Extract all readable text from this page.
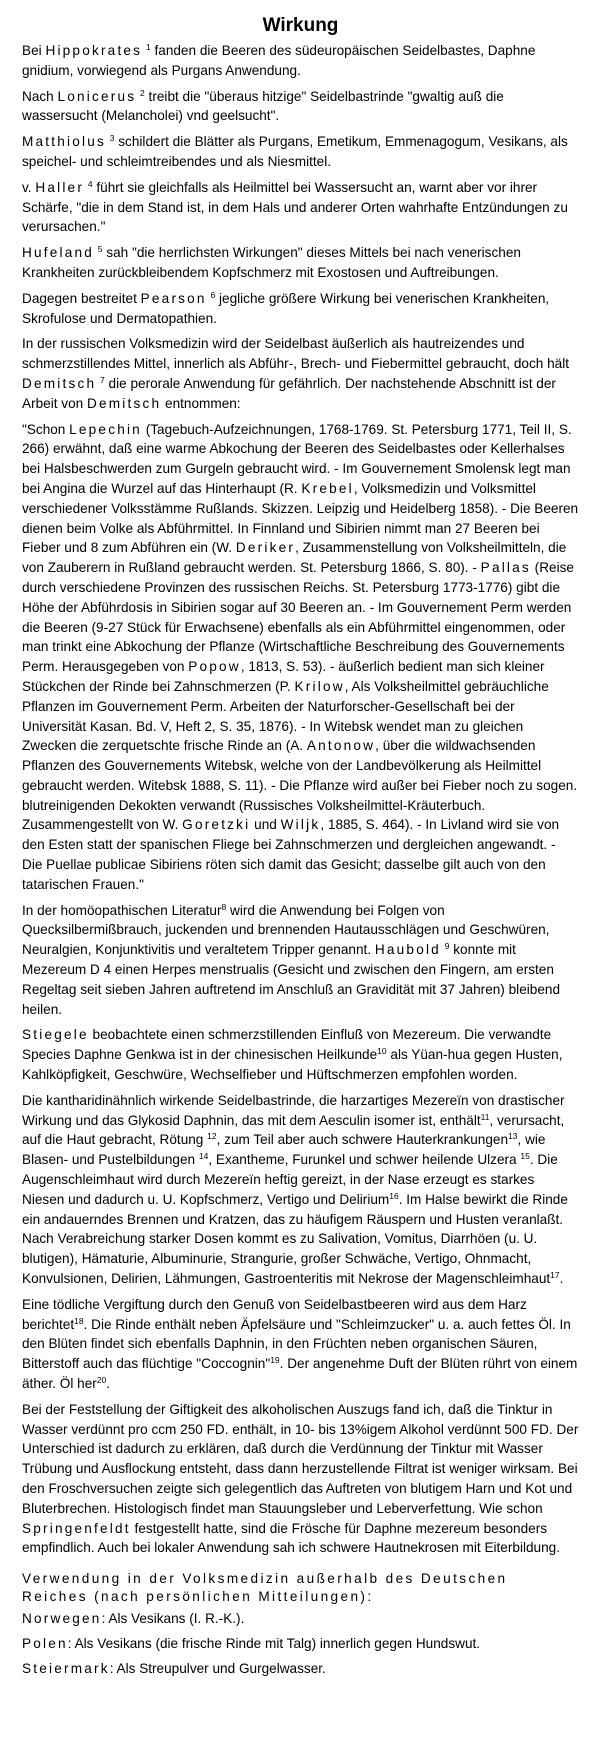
Wirkung

Bei Hippokrates $^1$ fanden die Beeren des südeuropäischen Seidelbastes, Daphne gnidium, vorwiegend als Purgans Anwendung.

Nach Lonicerus $^2$ treibt die "überaus hitzige" Seidelbastrinde "gwaltig auß die wassersucht (Melancholei) vnd geelsucht".

Matthiolus $^3$ schildert die Blätter als Purgans, Emetikum, Emmenagogum, Vesikans, als speichel- und schleimtreibendes und als Niesmittel.

v. Haller $^4$ führt sie gleichfalls als Heilmittel bei Wassersucht an, warnt aber vor ihrer Schärfe, "die in dem Stand ist, in dem Hals und anderer Orten wahrhafte Entzündungen zu verursachen."

Hufeland $^5$ sah "die herrlichsten Wirkungen" dieses Mittels bei nach venerischen Krankheiten zurückbleibendem Kopfschmerz mit Exostosen und Auftreibungen.

Dagegen bestreitet Pearson $^6$ jegliche größere Wirkung bei venerischen Krankheiten, Skrofulose und Dermatopathien.

In der russischen Volksmedizin wird der Seidelbast äußerlich als hautreizendes und schmerzstillendes Mittel, innerlich als Abführ-, Brech- und Fiebermittel gebraucht, doch hält Demitsch $^7$ die perorale Anwendung für gefährlich. Der nachstehende Abschnitt ist der Arbeit von Demitsch entnommen:

"Schon Lepechin (Tagebuch-Aufzeichnungen, 1768-1769. St. Petersburg 1771, Teil II, S. 266) erwähnt, daß eine warme Abkochung der Beeren des Seidelbastes oder Kellerhalses bei Halsbeschwerden zum Gurgeln gebraucht wird. - Im Gouvernement Smolensk legt man bei Angina die Wurzel auf das Hinterhaupt (R. Krebel, Volksmedizin und Volksmittel verschiedener Volksstämme Rußlands. Skizzen. Leipzig und Heidelberg 1858). - Die Beeren dienen beim Volke als Abführmittel. In Finnland und Sibirien nimmt man 27 Beeren bei Fieber und 8 zum Abführen ein (W. Deriker, Zusammenstellung von Volksheilmitteln, die von Zauberern in Rußland gebraucht werden. St. Petersburg 1866, S. 80). - Pallas (Reise durch verschiedene Provinzen des russischen Reichs. St. Petersburg 1773-1776) gibt die Höhe der Abführdosis in Sibirien sogar auf 30 Beeren an. - Im Gouvernement Perm werden die Beeren (9-27 Stück für Erwachsene) ebenfalls als ein Abführmittel eingenommen, oder man trinkt eine Abkochung der Pflanze (Wirtschaftliche Beschreibung des Gouvernements Perm. Herausgegeben von Popow, 1813, S. 53). - äußerlich bedient man sich kleiner Stückchen der Rinde bei Zahnschmerzen (P. Krilow, Als Volksheilmittel gebräuchliche Pflanzen im Gouvernement Perm. Arbeiten der Naturforscher-Gesellschaft bei der Universität Kasan. Bd. V, Heft 2, S. 35, 1876). - In Witebsk wendet man zu gleichen Zwecken die zerquetschte frische Rinde an (A. Antonow, über die wildwachsenden Pflanzen des Gouvernements Witebsk, welche von der Landbevölkerung als Heilmittel gebraucht werden. Witebsk 1888, S. 11). - Die Pflanze wird außer bei Fieber noch zu sogen. blutreinigenden Dekokten verwandt (Russisches Volksheilmittel-Kräuterbuch. Zusammengestellt von W. Goretzki und Wiljk, 1885, S. 464). - In Livland wird sie von den Esten statt der spanischen Fliege bei Zahnschmerzen und dergleichen angewandt. - Die Puellae publicae Sibiriens röten sich damit das Gesicht; dasselbe gilt auch von den tatarischen Frauen."

In der homöopathischen Literatur$^8$ wird die Anwendung bei Folgen von Quecksilbermißbrauch, juckenden und brennenden Hautausschlägen und Geschwüren, Neuralgien, Konjunktivitis und veraltetem Tripper genannt. Haubold $^9$ konnte mit Mezereum D 4 einen Herpes menstrualis (Gesicht und zwischen den Fingern, am ersten Regeltag seit sieben Jahren auftretend im Anschluß an Gravidität mit 37 Jahren) bleibend heilen.

Stiegele beobachtete einen schmerzstillenden Einfluß von Mezereum. Die verwandte Species Daphne Genkwa ist in der chinesischen Heilkunde$^{10}$ als Yüan-hua gegen Husten, Kahlköpfigkeit, Geschwüre, Wechselfieber und Hüftschmerzen empfohlen worden.

Die kantharidinähnlich wirkende Seidelbastrinde, die harzartiges Mezereïn von drastischer Wirkung und das Glykosid Daphnin, das mit dem Aesculin isomer ist, enthält$^{11}$, verursacht, auf die Haut gebracht, Rötung $^{12}$, zum Teil aber auch schwere Hauterkrankungen$^{13}$, wie Blasen- und Pustelbildungen $^{14}$, Exantheme, Furunkel und schwer heilende Ulzera $^{15}$. Die Augenschleimhaut wird durch Mezereïn heftig gereizt, in der Nase erzeugt es starkes Niesen und dadurch u. U. Kopfschmerz, Vertigo und Delirium$^{16}$. Im Halse bewirkt die Rinde ein andauerndes Brennen und Kratzen, das zu häufigem Räuspern und Husten veranlaßt. Nach Verabreichung starker Dosen kommt es zu Salivation, Vomitus, Diarrhöen (u. U. blutigen), Hämaturie, Albuminurie, Strangurie, großer Schwäche, Vertigo, Ohnmacht, Konvulsionen, Delirien, Lähmungen, Gastroenteritis mit Nekrose der Magenschleimhaut$^{17}$.

Eine tödliche Vergiftung durch den Genuß von Seidelbastbeeren wird aus dem Harz berichtet$^{18}$. Die Rinde enthält neben Äpfelsäure und "Schleimzucker" u. a. auch fettes Öl. In den Blüten findet sich ebenfalls Daphnin, in den Früchten neben organischen Säuren, Bitterstoff auch das flüchtige "Coccognin"$^{19}$. Der angenehme Duft der Blüten rührt von einem äther. Öl her$^{20}$.

Bei der Feststellung der Giftigkeit des alkoholischen Auszugs fand ich, daß die Tinktur in Wasser verdünnt pro ccm 250 FD. enthält, in 10- bis 13%igem Alkohol verdünnt 500 FD. Der Unterschied ist dadurch zu erklären, daß durch die Verdünnung der Tinktur mit Wasser Trübung und Ausflockung entsteht, dass dann herzustellende Filtrat ist weniger wirksam. Bei den Froschversuchen zeigte sich gelegentlich das Auftreten von blutigem Harn und Kot und Bluterbrechen. Histologisch findet man Stauungsleber und Leberverfettung. Wie schon Springenfeldt festgestellt hatte, sind die Frösche für Daphne mezereum besonders empfindlich. Auch bei lokaler Anwendung sah ich schwere Hautnekrosen mit Eiterbildung.

Verwendung in der Volksmedizin außerhalb des Deutschen Reiches (nach persönlichen Mitteilungen):

Norwegen: Als Vesikans (I. R.-K.).

Polen: Als Vesikans (die frische Rinde mit Talg) innerlich gegen Hundswut.

Steiermark: Als Streupulver und Gurgelwasser.
